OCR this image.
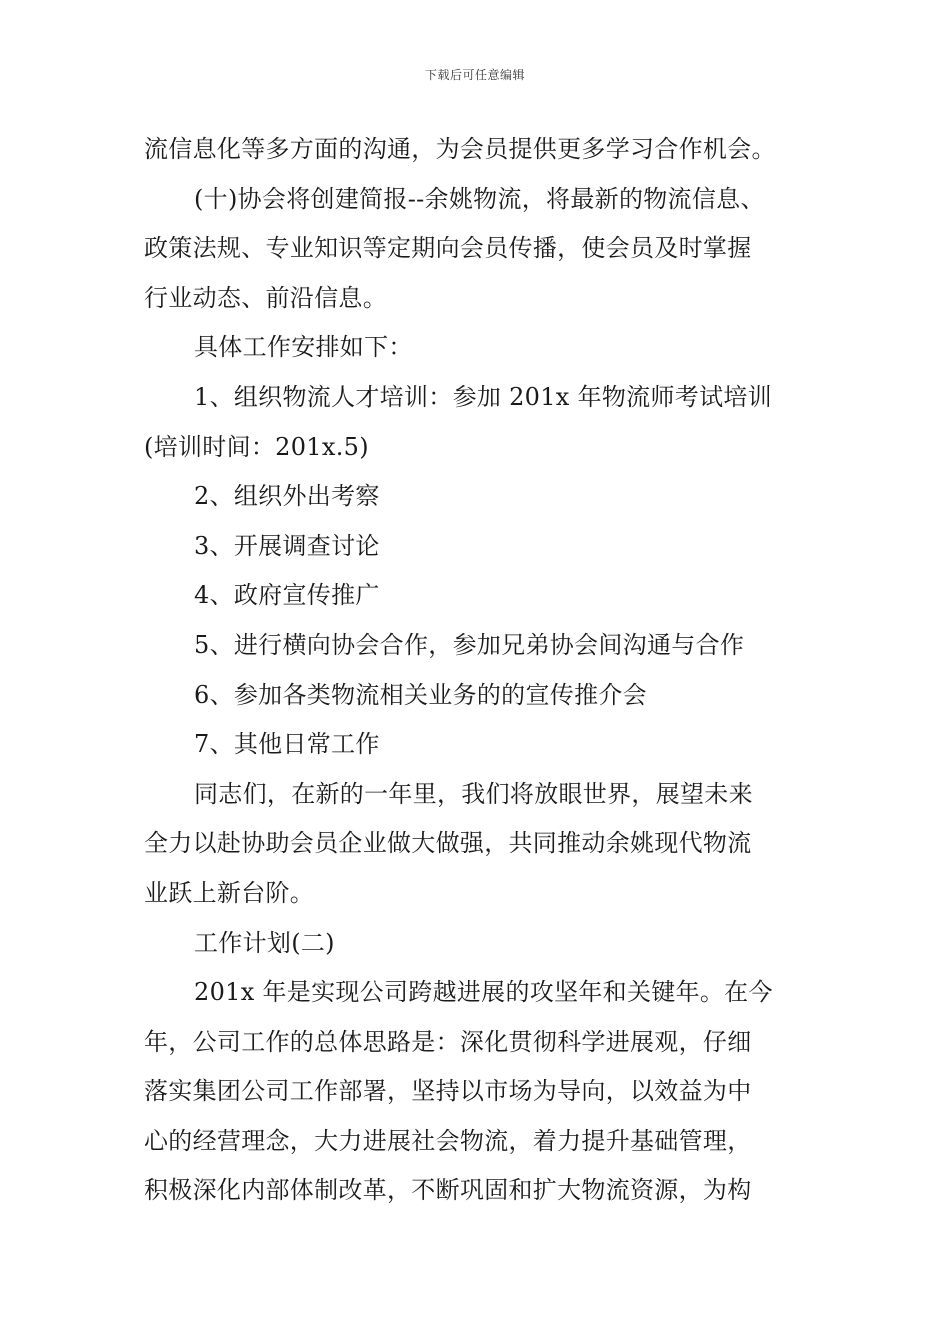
下载后可任意编辑
流信息化等多方面的沟通，为会员提供更多学习合作机会。
(十)协会将创建简报--余姚物流，将最新的物流信息、
政策法规、专业知识等定期向会员传播，使会员及时掌握
行业动态、前沿信息。
具体工作安排如下：
1、组织物流人才培训：参加 201x 年物流师考试培训
(培训时间：201x.5)
2、组织外出考察
3、开展调查讨论
4、政府宣传推广
5、进行横向协会合作，参加兄弟协会间沟通与合作
6、参加各类物流相关业务的的宣传推介会
7、其他日常工作
同志们，在新的一年里，我们将放眼世界，展望未来
全力以赴协助会员企业做大做强，共同推动余姚现代物流
业跃上新台阶。
工作计划(二)
201x 年是实现公司跨越进展的攻坚年和关键年。在今
年，公司工作的总体思路是：深化贯彻科学进展观，仔细
落实集团公司工作部署，坚持以市场为导向，以效益为中
心的经营理念，大力进展社会物流，着力提升基础管理，
积极深化内部体制改革，不断巩固和扩大物流资源，为构
